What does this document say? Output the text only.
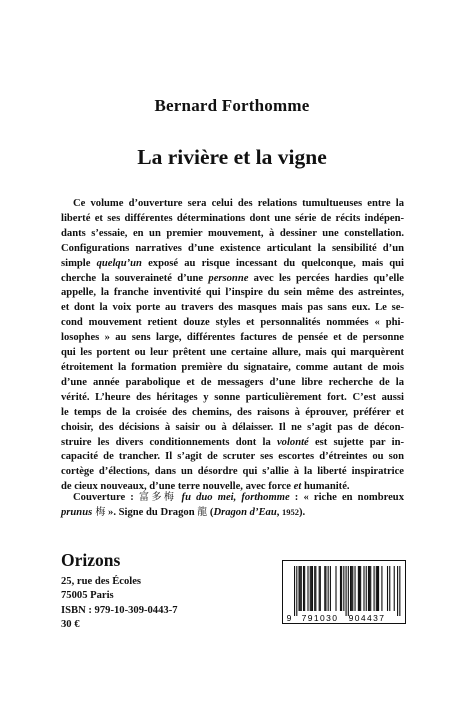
Bernard Forthomme
La rivière et la vigne
Ce volume d’ouverture sera celui des relations tumultueuses entre la
liberté et ses différentes déterminations dont une série de récits indépen-
dants s’essaie, en un premier mouvement, à dessiner une constellation.
Configurations narratives d’une existence articulant la sensibilité d’un
simple quelqu’un exposé au risque incessant du quelconque, mais qui
cherche la souveraineté d’une personne avec les percées hardies qu’elle
appelle, la franche inventivité qui l’inspire du sein même des astreintes,
et dont la voix porte au travers des masques mais pas sans eux. Le se-
cond mouvement retient douze styles et personnalités nommées « phi-
losophes » au sens large, différentes factures de pensée et de personne
qui les portent ou leur prêtent une certaine allure, mais qui marquèrent
étroitement la formation première du signataire, comme autant de mois
d’une année parabolique et de messagers d’une libre recherche de la
vérité. L’heure des héritages y sonne particulièrement fort. C’est aussi
le temps de la croisée des chemins, des raisons à éprouver, préférer et
choisir, des décisions à saisir ou à délaisser. Il ne s’agit pas de décon-
struire les divers conditionnements dont la volonté est sujette par in-
capacité de trancher. Il s’agit de scruter ses escortes d’étreintes ou son
cortège d’élections, dans un désordre qui s’allie à la liberté inspiratrice
de cieux nouveaux, d’une terre nouvelle, avec force et humanité.
Couverture : 富多梅 fu duo mei, forthomme : « riche en nombreux
prunus 梅 ». Signe du Dragon 龍 (Dragon d’Eau, 1952).
Orizons
25, rue des Écoles
75005 Paris
ISBN : 979-10-309-0443-7
30 €
9 791030 904437
